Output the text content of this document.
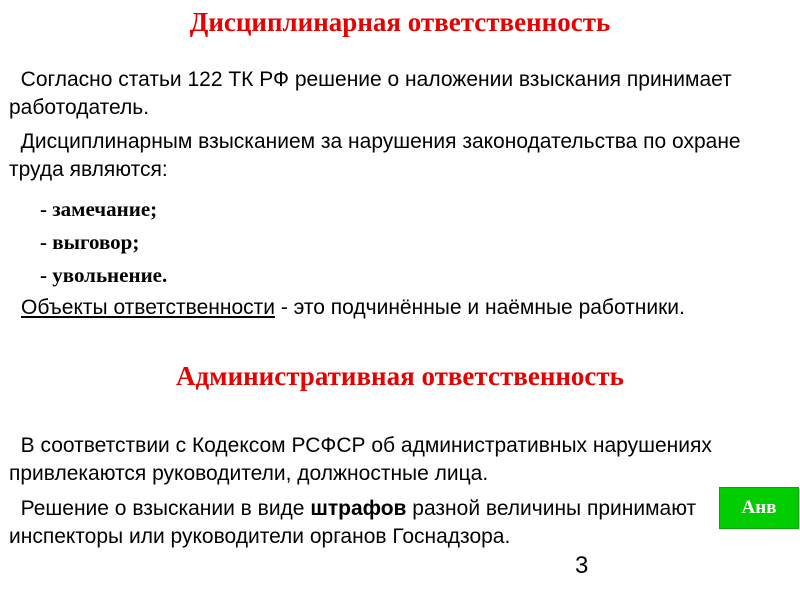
Дисциплинарная ответственность
Согласно статьи 122 ТК РФ решение о наложении взыскания принимает работодатель.
Дисциплинарным взысканием за нарушения законодательства по охране труда являются:
- замечание;
- выговор;
- увольнение.
Объекты ответственности - это подчинённые и наёмные работники.
Административная ответственность
В соответствии с Кодексом РСФСР об административных нарушениях привлекаются руководители, должностные лица.
Решение о взыскании в виде штрафов разной величины принимают инспекторы или руководители органов Госнадзора.
Анв
3
